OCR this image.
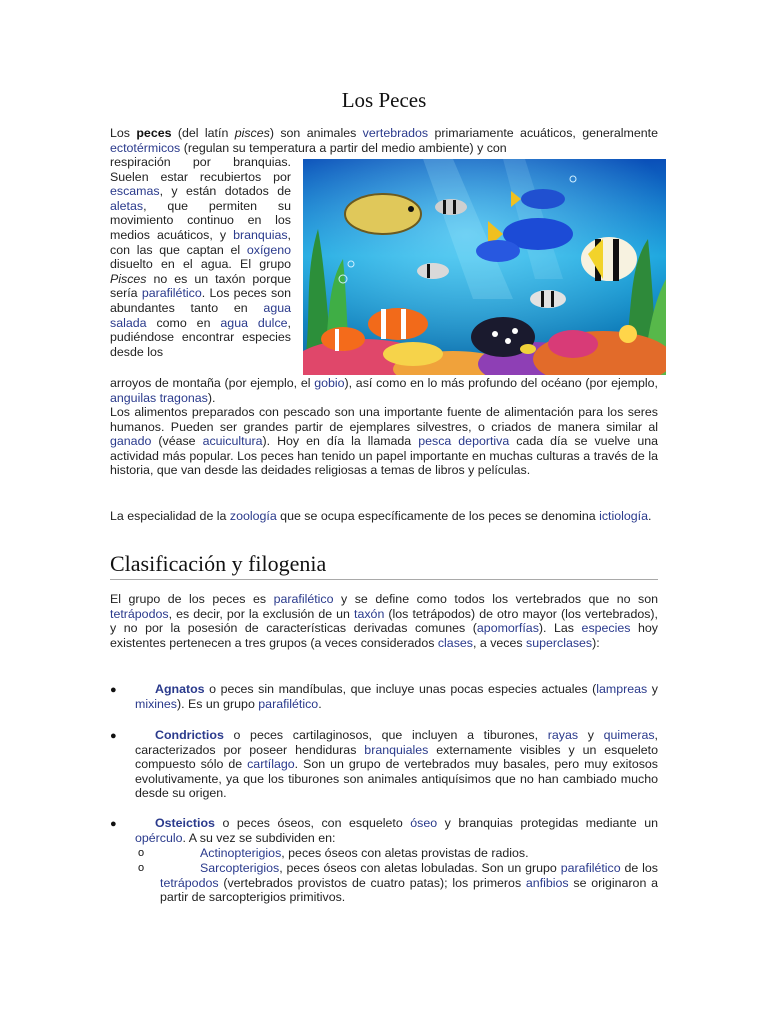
Los Peces

Los peces (del latín pisces) son animales vertebrados primariamente acuáticos, generalmente ectotérmicos (regulan su temperatura a partir del medio ambiente) y con

respiración por branquias. Suelen estar recubiertos por escamas, y están dotados de aletas, que permiten su movimiento continuo en los medios acuáticos, y branquias, con las que captan el oxígeno disuelto en el agua. El grupo Pisces no es un taxón porque sería parafilético. Los peces son abundantes tanto en agua salada como en agua dulce, pudiéndose encontrar especies desde los

arroyos de montaña (por ejemplo, el gobio), así como en lo más profundo del océano (por ejemplo, anguilas tragonas).

Los alimentos preparados con pescado son una importante fuente de alimentación para los seres humanos. Pueden ser grandes partir de ejemplares silvestres, o criados de manera similar al ganado (véase acuicultura). Hoy en día la llamada pesca deportiva cada día se vuelve una actividad más popular. Los peces han tenido un papel importante en muchas culturas a través de la historia, que van desde las deidades religiosas a temas de libros y películas.

La especialidad de la zoología que se ocupa específicamente de los peces se denomina ictiología.

Clasificación y filogenia

El grupo de los peces es parafilético y se define como todos los vertebrados que no son tetrápodos, es decir, por la exclusión de un taxón (los tetrápodos) de otro mayor (los vertebrados), y no por la posesión de características derivadas comunes (apomorfías). Las especies hoy existentes pertenecen a tres grupos (a veces considerados clases, a veces superclases):

●	Agnatos o peces sin mandíbulas, que incluye unas pocas especies actuales (lampreas y mixines). Es un grupo parafilético.

●	Condrictios o peces cartilaginosos, que incluyen a tiburones, rayas y quimeras, caracterizados por poseer hendiduras branquiales externamente visibles y un esqueleto compuesto sólo de cartílago. Son un grupo de vertebrados muy basales, pero muy exitosos evolutivamente, ya que los tiburones son animales antiquísimos que no han cambiado mucho desde su origen.

●	Osteictios o peces óseos, con esqueleto óseo y branquias protegidas mediante un opérculo. A su vez se subdividen en:

o	Actinopterigios, peces óseos con aletas provistas de radios.

o	Sarcopterigios, peces óseos con aletas lobuladas. Son un grupo parafilético de los tetrápodos (vertebrados provistos de cuatro patas); los primeros anfibios se originaron a partir de sarcopterigios primitivos.
